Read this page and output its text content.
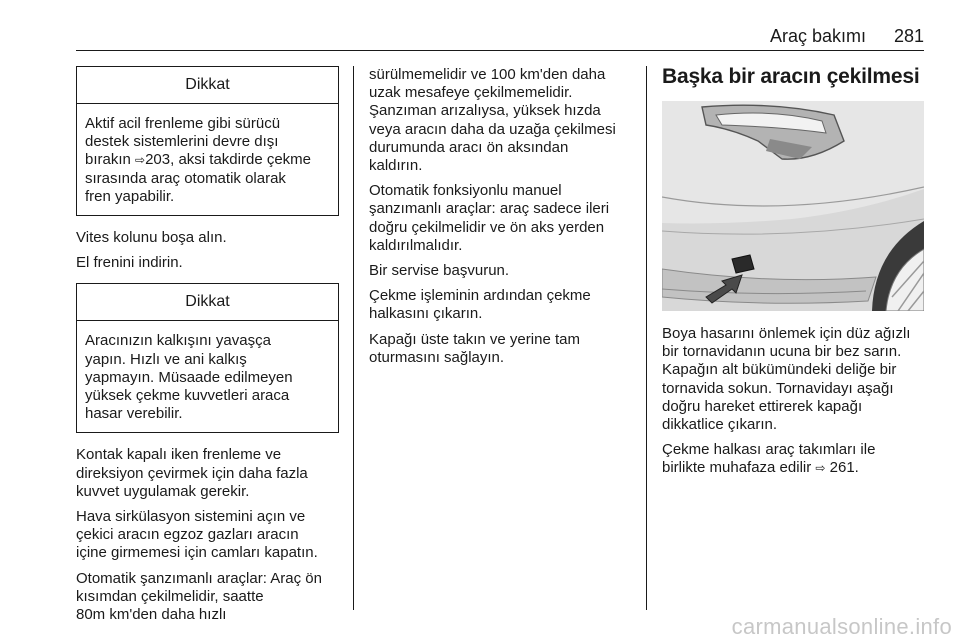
Araç bakımı 281
Dikkat
Aktif acil frenleme gibi sürücü
destek sistemlerini devre dışı
bırakın ⇨203, aksi takdirde çekme
sırasında araç otomatik olarak
fren yapabilir.

Vites kolunu boşa alın.

El frenini indirin.

Dikkat
Aracınızın kalkışını yavaşça
yapın. Hızlı ve ani kalkış
yapmayın. Müsaade edilmeyen
yüksek çekme kuvvetleri araca
hasar verebilir.

Kontak kapalı iken frenleme ve
direksiyon çevirmek için daha fazla
kuvvet uygulamak gerekir.

Hava sirkülasyon sistemini açın ve
çekici aracın egzoz gazları aracın
içine girmemesi için camları kapatın.

Otomatik şanzımanlı araçlar: Araç ön
kısımdan çekilmelidir, saatte
80m km'den daha hızlı

sürülmemelidir ve 100 km'den daha
uzak mesafeye çekilmemelidir.
Şanzıman arızalıysa, yüksek hızda
veya aracın daha da uzağa çekilmesi
durumunda aracı ön aksından
kaldırın.

Otomatik fonksiyonlu manuel
şanzımanlı araçlar: araç sadece ileri
doğru çekilmelidir ve ön aks yerden
kaldırılmalıdır.

Bir servise başvurun.

Çekme işleminin ardından çekme
halkasını çıkarın.

Kapağı üste takın ve yerine tam
oturmasını sağlayın.

Başka bir aracın çekilmesi

Boya hasarını önlemek için düz ağızlı
bir tornavidanın ucuna bir bez sarın.
Kapağın alt bükümündeki deliğe bir
tornavida sokun. Tornavidayı aşağı
doğru hareket ettirerek kapağı
dikkatlice çıkarın.

Çekme halkası araç takımları ile
birlikte muhafaza edilir ⇨ 261.

carmanualsonline.info
